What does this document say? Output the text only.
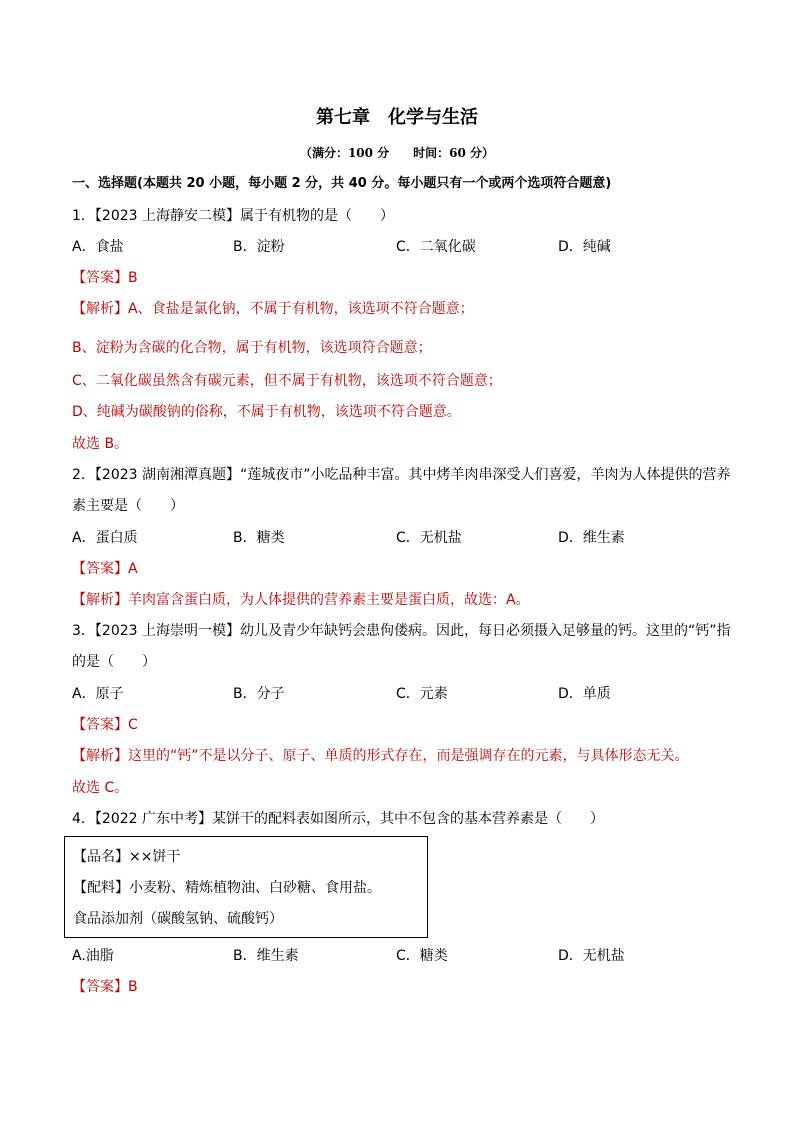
第七章　化学与生活
（满分：100 分　　时间：60 分）
一、选择题(本题共 20 小题，每小题 2 分，共 40 分。每小题只有一个或两个选项符合题意)
1．【2023 上海静安二模】属于有机物的是（　　）
A．食盐	B．淀粉	C．二氧化碳	D．纯碱
【答案】B
【解析】A、食盐是氯化钠，不属于有机物，该选项不符合题意；
B、淀粉为含碳的化合物，属于有机物，该选项符合题意；
C、二氧化碳虽然含有碳元素，但不属于有机物，该选项不符合题意；
D、纯碱为碳酸钠的俗称，不属于有机物，该选项不符合题意。
故选 B。
2．【2023 湖南湘潭真题】“莲城夜市”小吃品种丰富。其中烤羊肉串深受人们喜爱，羊肉为人体提供的营养
素主要是（　　）
A．蛋白质	B．糖类	C．无机盐	D．维生素
【答案】A
【解析】羊肉富含蛋白质，为人体提供的营养素主要是蛋白质，故选：A。
3．【2023 上海崇明一模】幼儿及青少年缺钙会患佝偻病。因此，每日必须摄入足够量的钙。这里的“钙”指
的是（　　）
A．原子	B．分子	C．元素	D．单质
【答案】C
【解析】这里的“钙”不是以分子、原子、单质的形式存在，而是强调存在的元素，与具体形态无关。
故选 C。
4．【2022 广东中考】某饼干的配料表如图所示，其中不包含的基本营养素是（　　）
【品名】××饼干
【配料】小麦粉、精炼植物油、白砂糖、食用盐。
食品添加剂（碳酸氢钠、硫酸钙）
A.油脂	B．维生素	C．糖类	D．无机盐
【答案】B
